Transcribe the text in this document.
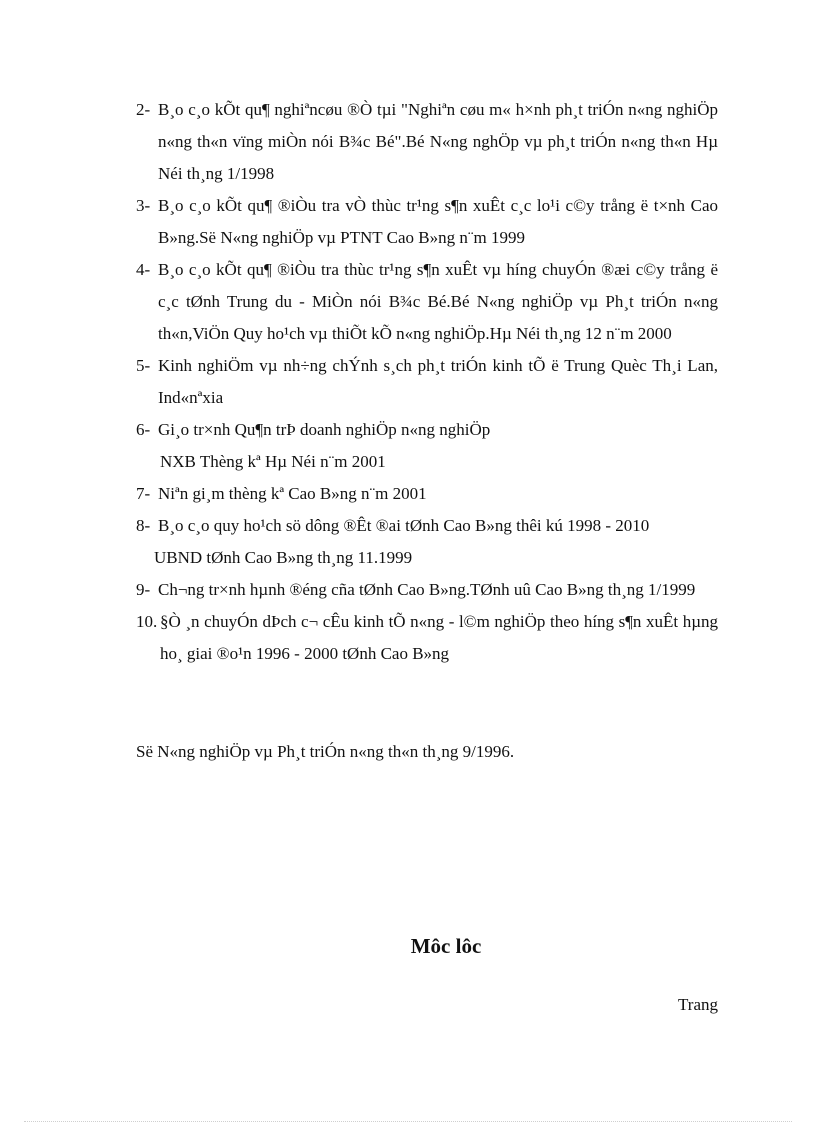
2- B¸o c¸o kÕt qu¶ nghiªncøu ®Ò tµi "Nghiªn cøu m« h×nh ph¸t triÓn n«ng nghiÖp n«ng th«n vïng miÒn nói B¾c Bé".Bé N«ng nghÖp vµ ph¸t triÓn n«ng th«n Hµ Néi th¸ng 1/1998

3- B¸o c¸o kÕt qu¶ ®iÒu tra vÒ thùc tr¹ng s¶n xuÊt c¸c lo¹i c©y trång ë t×nh Cao B»ng.Së N«ng nghiÖp vµ PTNT Cao B»ng n¨m 1999

4- B¸o c¸o kÕt qu¶ ®iÒu tra thùc tr¹ng s¶n xuÊt vµ híng chuyÓn ®æi c©y trång ë c¸c tØnh Trung du - MiÒn nói B¾c Bé.Bé N«ng nghiÖp vµ Ph¸t triÓn n«ng th«n,ViÖn Quy ho¹ch vµ thiÕt kÕ n«ng nghiÖp.Hµ Néi th¸ng 12 n¨m 2000

5- Kinh nghiÖm vµ nh÷ng chÝnh s¸ch ph¸t triÓn kinh tÕ ë Trung Quèc Th¸i Lan, Ind«nªxia

6- Gi¸o tr×nh Qu¶n trÞ doanh nghiÖp n«ng nghiÖp
NXB Thèng kª Hµ Néi n¨m 2001

7- Niªn gi¸m thèng kª Cao B»ng n¨m 2001

8- B¸o c¸o quy ho¹ch sö dông ®Êt ®ai tØnh Cao B»ng thêi kú 1998 - 2010
UBND tØnh Cao B»ng th¸ng 11.1999

9- Ch¬ng tr×nh hµnh ®éng cña tØnh Cao B»ng.TØnh uû Cao B»ng th¸ng 1/1999

10. §Ò ¸n chuyÓn dÞch c¬ cÊu kinh tÕ n«ng - l©m nghiÖp theo híng s¶n xuÊt hµng ho¸ giai ®o¹n 1996 - 2000 tØnh Cao B»ng

Së N«ng nghiÖp vµ Ph¸t triÓn n«ng th«n th¸ng 9/1996.
Môc lôc
Trang
